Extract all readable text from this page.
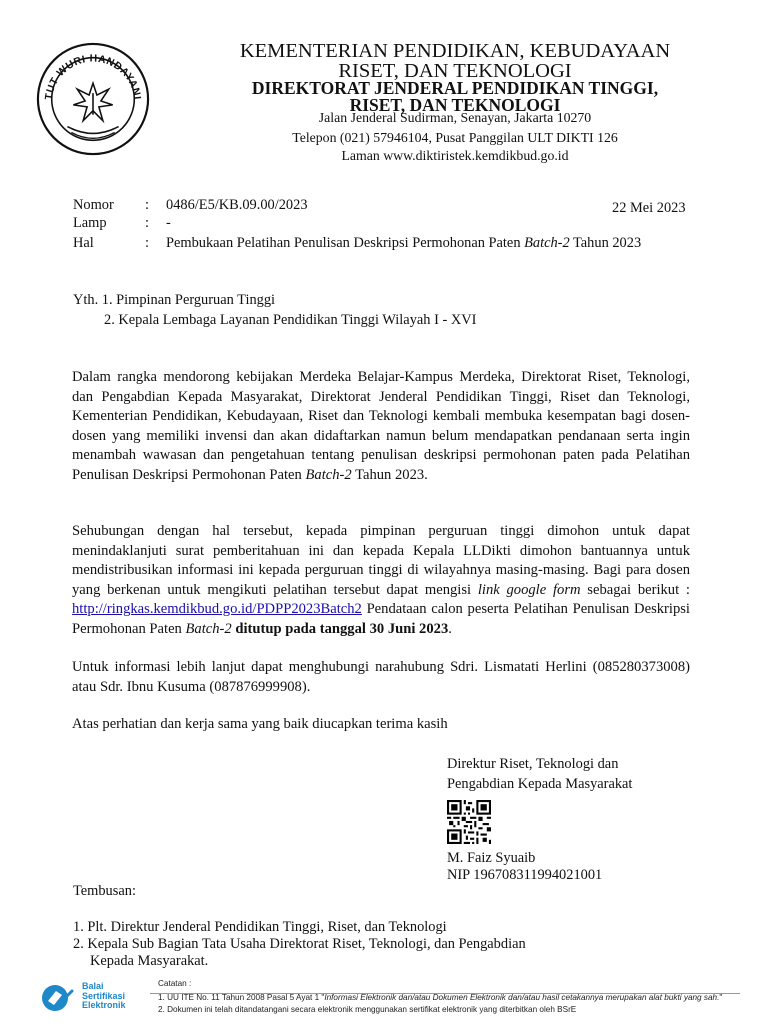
TUT WURI HANDAYANI
KEMENTERIAN PENDIDIKAN, KEBUDAYAAN
RISET, DAN TEKNOLOGI
DIREKTORAT JENDERAL PENDIDIKAN TINGGI,
RISET, DAN TEKNOLOGI
Jalan Jenderal Sudirman, Senayan, Jakarta 10270
Telepon (021) 57946104, Pusat Panggilan ULT DIKTI 126
Laman www.diktiristek.kemdikbud.go.id
Nomor : 0486/E5/KB.09.00/2023	22 Mei 2023
Lamp	: -
Hal	: Pembukaan Pelatihan Penulisan Deskripsi Permohonan Paten Batch-2 Tahun 2023
Yth. 1. Pimpinan Perguruan Tinggi
2. Kepala Lembaga Layanan Pendidikan Tinggi Wilayah I - XVI
Dalam rangka mendorong kebijakan Merdeka Belajar-Kampus Merdeka, Direktorat Riset, Teknologi, dan Pengabdian Kepada Masyarakat, Direktorat Jenderal Pendidikan Tinggi, Riset dan Teknologi, Kementerian Pendidikan, Kebudayaan, Riset dan Teknologi kembali membuka kesempatan bagi dosen-dosen yang memiliki invensi dan akan didaftarkan namun belum mendapatkan pendanaan serta ingin menambah wawasan dan pengetahuan tentang penulisan deskripsi permohonan paten pada Pelatihan Penulisan Deskripsi Permohonan Paten Batch-2 Tahun 2023.
Sehubungan dengan hal tersebut, kepada pimpinan perguruan tinggi dimohon untuk dapat menindaklanjuti surat pemberitahuan ini dan kepada Kepala LLDikti dimohon bantuannya untuk mendistribusikan informasi ini kepada perguruan tinggi di wilayahnya masing-masing. Bagi para dosen yang berkenan untuk mengikuti pelatihan tersebut dapat mengisi link google form sebagai berikut : http://ringkas.kemdikbud.go.id/PDPP2023Batch2 Pendataan calon peserta Pelatihan Penulisan Deskripsi Permohonan Paten Batch-2 ditutup pada tanggal 30 Juni 2023.
Untuk informasi lebih lanjut dapat menghubungi narahubung Sdri. Lismatati Herlini (085280373008) atau Sdr. Ibnu Kusuma (087876999908).
Atas perhatian dan kerja sama yang baik diucapkan terima kasih
Direktur Riset, Teknologi dan
Pengabdian Kepada Masyarakat
M. Faiz Syuaib
NIP 196708311994021001
Tembusan:
1. Plt. Direktur Jenderal Pendidikan Tinggi, Riset, dan Teknologi
2. Kepala Sub Bagian Tata Usaha Direktorat Riset, Teknologi, dan Pengabdian
Kepada Masyarakat.
Balai
Sertifikasi
Elektronik
Catatan :
1. UU ITE No. 11 Tahun 2008 Pasal 5 Ayat 1 "Informasi Elektronik dan/atau Dokumen Elektronik dan/atau hasil cetakannya merupakan alat bukti yang sah."
2. Dokumen ini telah ditandatangani secara elektronik menggunakan sertifikat elektronik yang diterbitkan oleh BSrE
